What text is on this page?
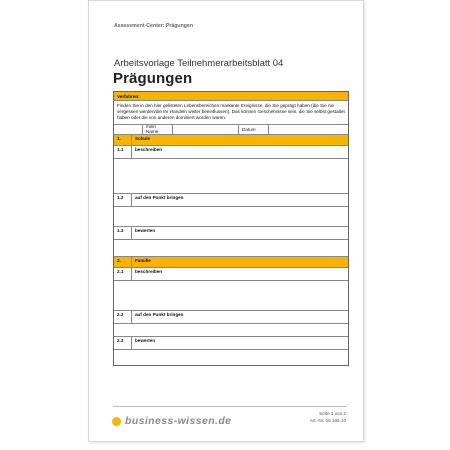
Assessment-Center: Prägungen
Arbeitsvorlage Teilnehmerarbeitsblatt 04
Prägungen
Verfahren:
Finden Sie in den hier gelisteten Lebensbereichen markante Ereignisse, die Sie geprägt haben (die Sie nie vergessen werden/die Ihr Handeln weiter beeinflussen). Das können Geschehnisse sein, die Sie selbst gestaltet haben oder die von anderen dominiert worden waren.
mein Name	Datum
1.	Schule
1.1	beschreiben
1.2	auf den Punkt bringen
1.3	bewerten
2.	Familie
2.1	beschreiben
2.2	auf den Punkt bringen
2.3	bewerten
business-wissen.de
Seite 1 von 2
Art.-Nr. 06.166.10
